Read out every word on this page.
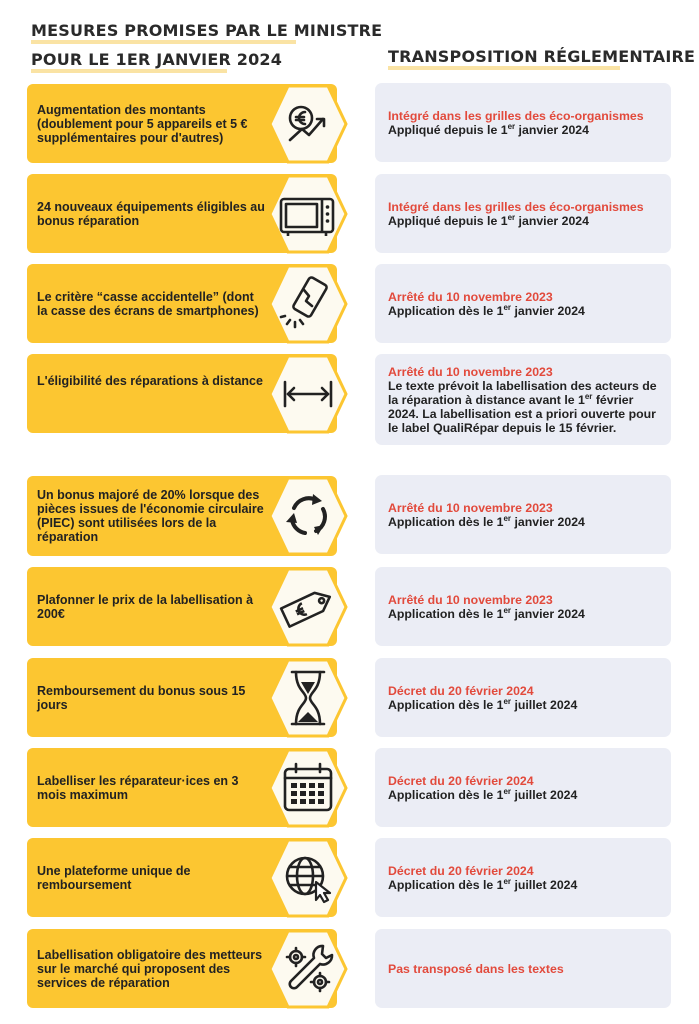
MESURES PROMISES PAR LE MINISTRE
POUR LE 1ER JANVIER 2024	TRANSPOSITION RÉGLEMENTAIRE
Augmentation des montants (doublement pour 5 appareils et 5 € supplémentaires pour d'autres)
Intégré dans les grilles des éco-organismes
Appliqué depuis le 1er janvier 2024
24 nouveaux équipements éligibles au bonus réparation
Intégré dans les grilles des éco-organismes
Appliqué depuis le 1er janvier 2024
Le critère “casse accidentelle” (dont la casse des écrans de smartphones)
Arrêté du 10 novembre 2023
Application dès le 1er janvier 2024
L'éligibilité des réparations à distance
Arrêté du 10 novembre 2023
Le texte prévoit la labellisation des acteurs de la réparation à distance avant le 1er février 2024. La labellisation est a priori ouverte pour le label QualiRépar depuis le 15 février.
Un bonus majoré de 20% lorsque des pièces issues de l'économie circulaire (PIEC) sont utilisées lors de la réparation
Arrêté du 10 novembre 2023
Application dès le 1er janvier 2024
Plafonner le prix de la labellisation à 200€
Arrêté du 10 novembre 2023
Application dès le 1er janvier 2024
Remboursement du bonus sous 15 jours
Décret du 20 février 2024
Application dès le 1er juillet 2024
Labelliser les réparateur·ices en 3 mois maximum
Décret du 20 février 2024
Application dès le 1er juillet 2024
Une plateforme unique de remboursement
Décret du 20 février 2024
Application dès le 1er juillet 2024
Labellisation obligatoire des metteurs sur le marché qui proposent des services de réparation
Pas transposé dans les textes
